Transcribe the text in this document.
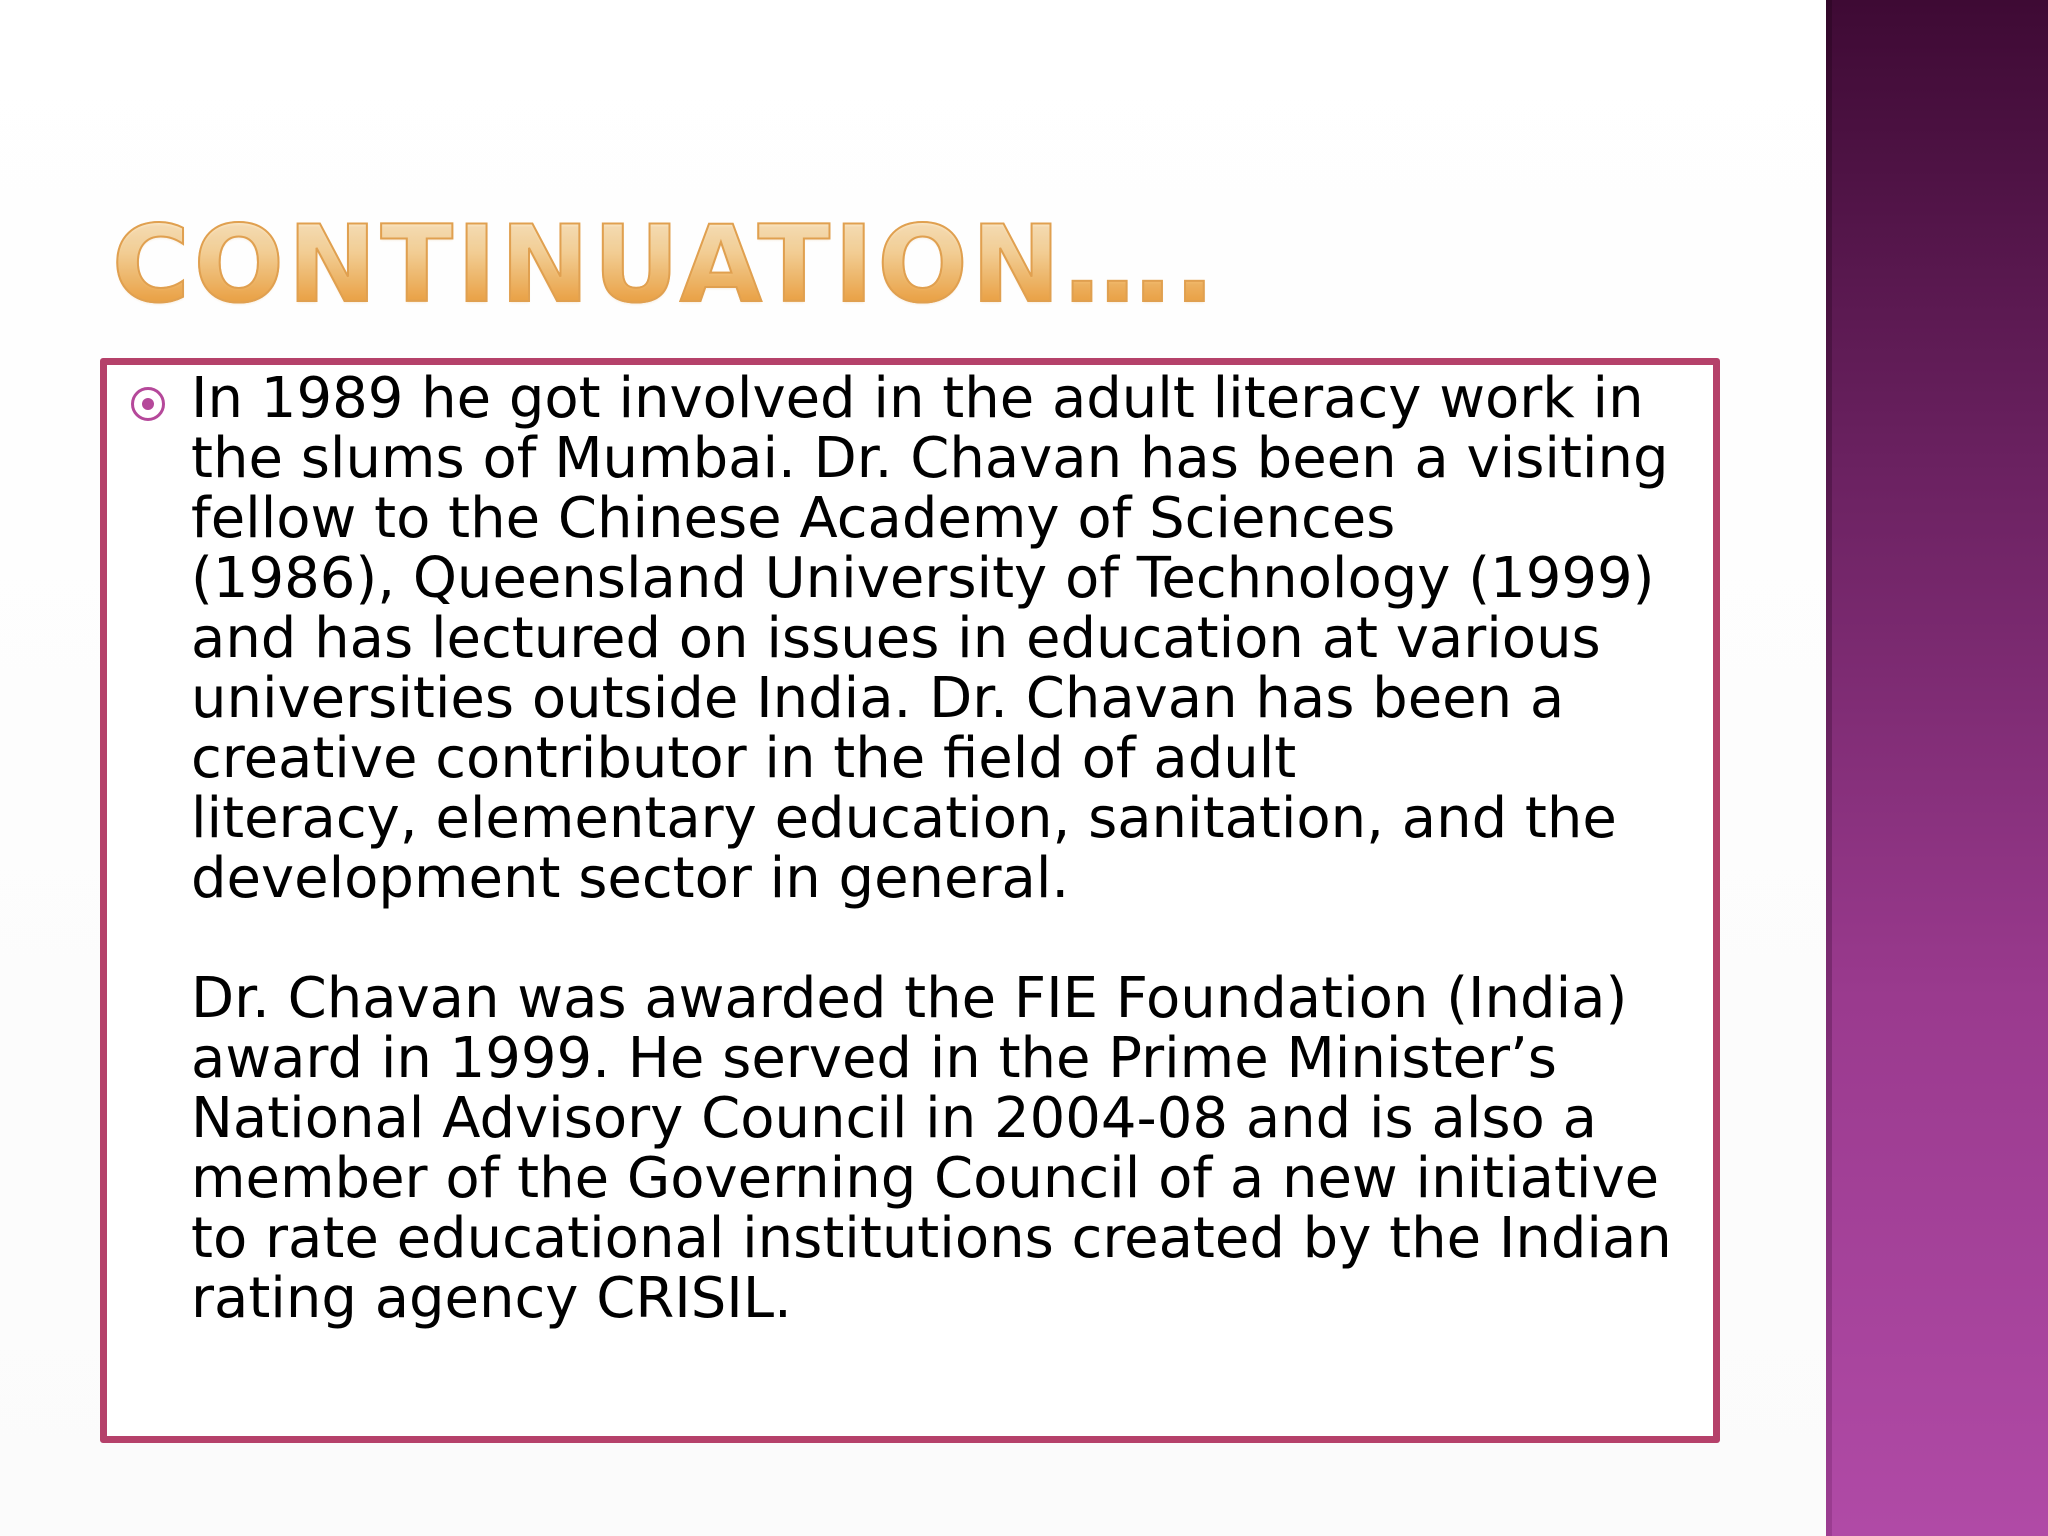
CONTINUATION….

In 1989 he got involved in the adult literacy work in
the slums of Mumbai. Dr. Chavan has been a visiting
fellow to the Chinese Academy of Sciences
(1986), Queensland University of Technology (1999)
and has lectured on issues in education at various
universities outside India. Dr. Chavan has been a
creative contributor in the field of adult
literacy, elementary education, sanitation, and the
development sector in general.

Dr. Chavan was awarded the FIE Foundation (India)
award in 1999. He served in the Prime Minister’s
National Advisory Council in 2004-08 and is also a
member of the Governing Council of a new initiative
to rate educational institutions created by the Indian
rating agency CRISIL.
